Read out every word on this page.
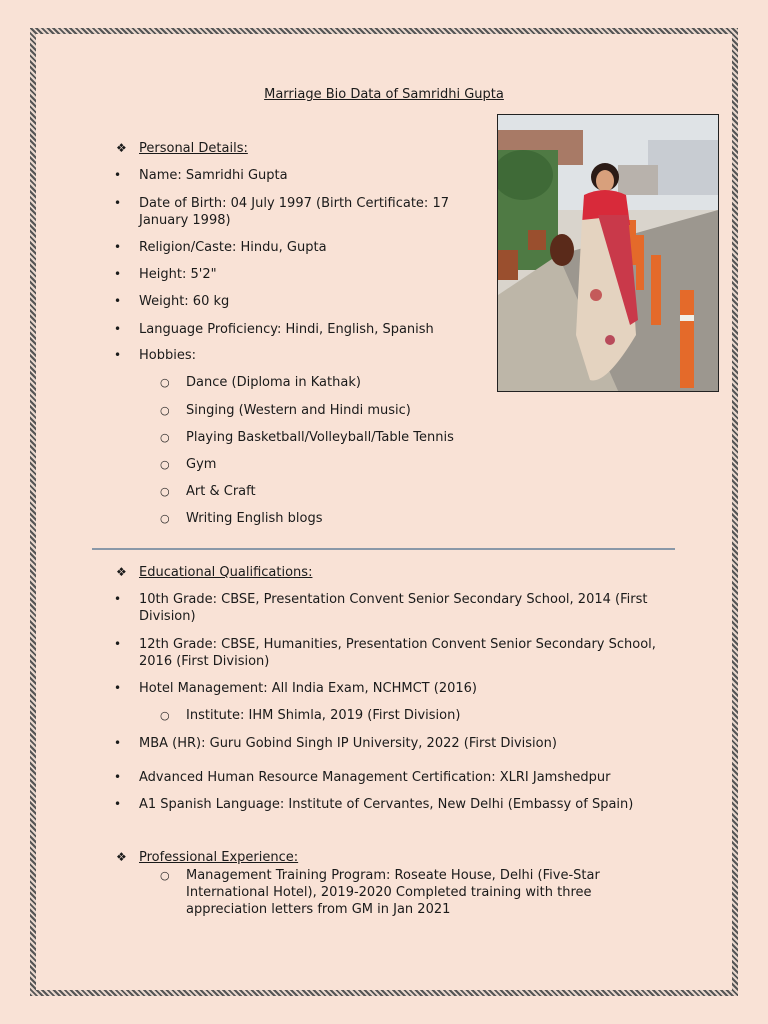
Marriage Bio Data of Samridhi Gupta
❖ Personal Details:
•	Name: Samridhi Gupta
•	Date of Birth: 04 July 1997 (Birth Certificate: 17
January 1998)
•	Religion/Caste: Hindu, Gupta
•	Height: 5'2"
•	Weight: 60 kg
•	Language Proficiency: Hindi, English, Spanish
•	Hobbies:
○	Dance (Diploma in Kathak)
○	Singing (Western and Hindi music)
○	Playing Basketball/Volleyball/Table Tennis
○	Gym
○	Art & Craft
○	Writing English blogs
❖ Educational Qualifications:
•	10th Grade: CBSE, Presentation Convent Senior Secondary School, 2014 (First
Division)
•	12th Grade: CBSE, Humanities, Presentation Convent Senior Secondary School,
2016 (First Division)
•	Hotel Management: All India Exam, NCHMCT (2016)
○	Institute: IHM Shimla, 2019 (First Division)
•	MBA (HR): Guru Gobind Singh IP University, 2022 (First Division)
•	Advanced Human Resource Management Certification: XLRI Jamshedpur
•	A1 Spanish Language: Institute of Cervantes, New Delhi (Embassy of Spain)
❖ Professional Experience:
○	Management Training Program: Roseate House, Delhi (Five-Star
International Hotel), 2019-2020 Completed training with three
appreciation letters from GM in Jan 2021
